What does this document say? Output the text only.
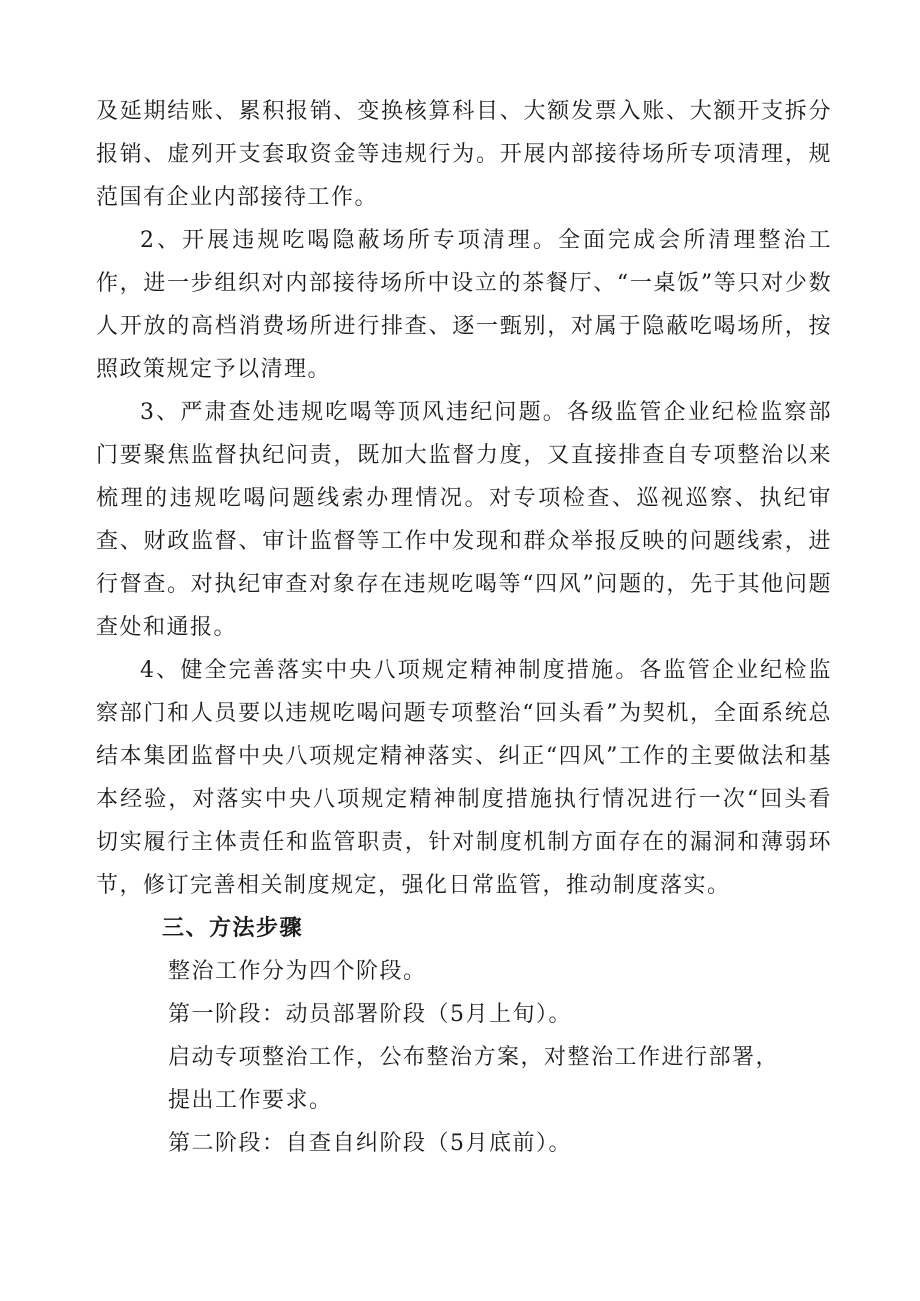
及延期结账、累积报销、变换核算科目、大额发票入账、大额开支拆分报销、虚列开支套取资金等违规行为。开展内部接待场所专项清理，规范国有企业内部接待工作。

2、开展违规吃喝隐蔽场所专项清理。全面完成会所清理整治工作，进一步组织对内部接待场所中设立的茶餐厅、“一桌饭”等只对少数人开放的高档消费场所进行排查、逐一甄别，对属于隐蔽吃喝场所，按照政策规定予以清理。

3、严肃查处违规吃喝等顶风违纪问题。各级监管企业纪检监察部门要聚焦监督执纪问责，既加大监督力度，又直接排查自专项整治以来梳理的违规吃喝问题线索办理情况。对专项检查、巡视巡察、执纪审查、财政监督、审计监督等工作中发现和群众举报反映的问题线索，进行督查。对执纪审查对象存在违规吃喝等“四风”问题的，先于其他问题查处和通报。

4、健全完善落实中央八项规定精神制度措施。各监管企业纪检监察部门和人员要以违规吃喝问题专项整治“回头看”为契机，全面系统总结本集团监督中央八项规定精神落实、纠正“四风”工作的主要做法和基本经验，对落实中央八项规定精神制度措施执行情况进行一次“回头看切实履行主体责任和监管职责，针对制度机制方面存在的漏洞和薄弱环节，修订完善相关制度规定，强化日常监管，推动制度落实。

三、方法步骤

整治工作分为四个阶段。

第一阶段：动员部署阶段（5月上旬）。

启动专项整治工作，公布整治方案，对整治工作进行部署，

提出工作要求。

第二阶段：自查自纠阶段（5月底前）。
